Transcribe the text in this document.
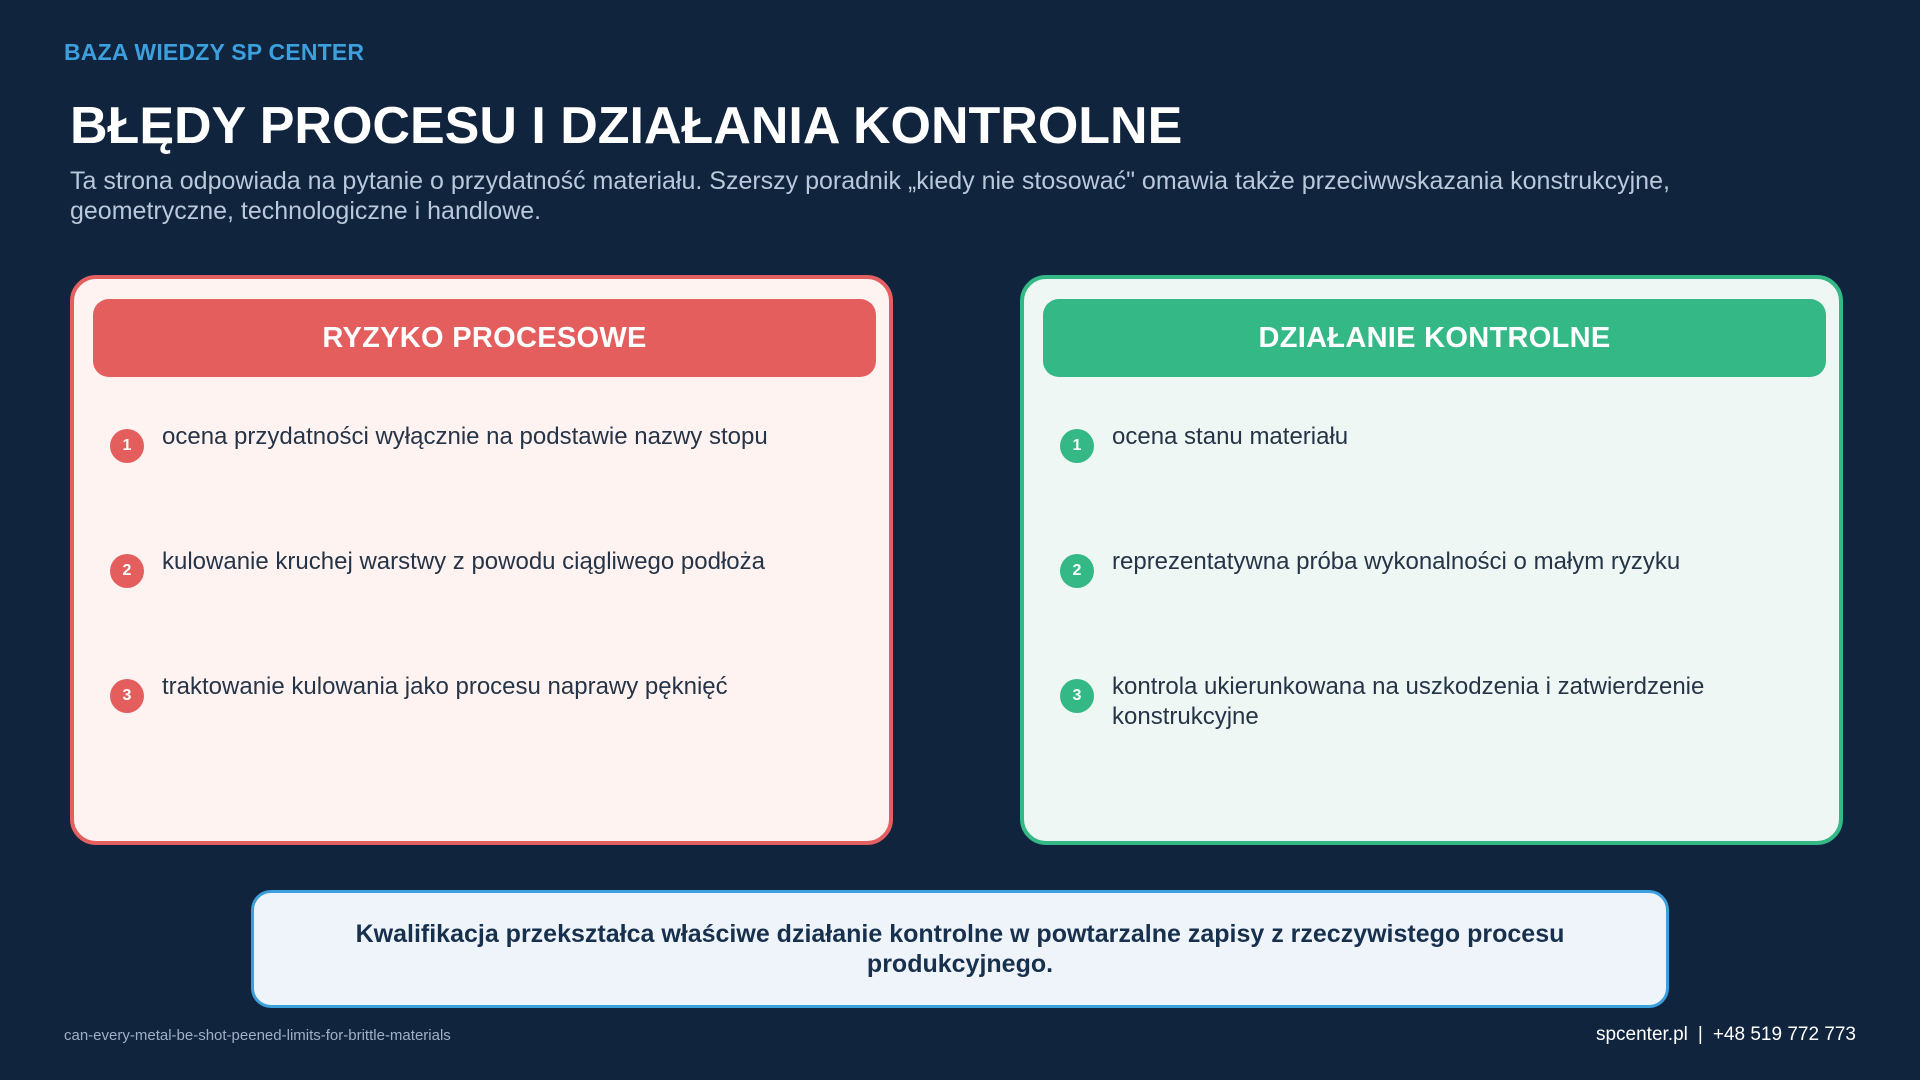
BAZA WIEDZY SP CENTER
BŁĘDY PROCESU I DZIAŁANIA KONTROLNE
Ta strona odpowiada na pytanie o przydatność materiału. Szerszy poradnik „kiedy nie stosować" omawia także przeciwwskazania konstrukcyjne, geometryczne, technologiczne i handlowe.
RYZYKO PROCESOWE
1	ocena przydatności wyłącznie na podstawie nazwy stopu
2	kulowanie kruchej warstwy z powodu ciągliwego podłoża
3	traktowanie kulowania jako procesu naprawy pęknięć
DZIAŁANIE KONTROLNE
1	ocena stanu materiału
2	reprezentatywna próba wykonalności o małym ryzyku
3	kontrola ukierunkowana na uszkodzenia i zatwierdzenie konstrukcyjne
Kwalifikacja przekształca właściwe działanie kontrolne w powtarzalne zapisy z rzeczywistego procesu produkcyjnego.
can-every-metal-be-shot-peened-limits-for-brittle-materials	spcenter.pl | +48 519 772 773
